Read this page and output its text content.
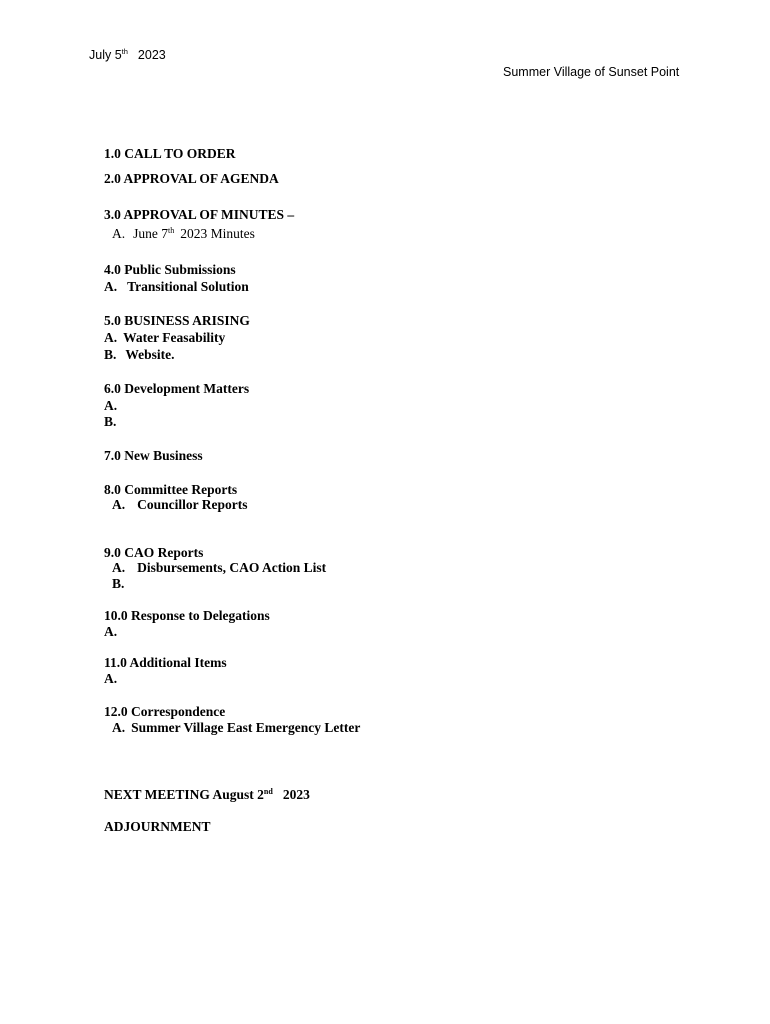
July 5th 2023
Summer Village of Sunset Point
1.0 CALL TO ORDER
2.0 APPROVAL OF AGENDA
3.0 APPROVAL OF MINUTES –
A. June 7th 2023 Minutes
4.0 Public Submissions
A. Transitional Solution
5.0 BUSINESS ARISING
A. Water Feasability
B. Website.
6.0 Development Matters
A.
B.
7.0 New Business
8.0 Committee Reports
A. Councillor Reports
9.0 CAO Reports
A. Disbursements, CAO Action List
B.
10.0 Response to Delegations
A.
11.0 Additional Items
A.
12.0 Correspondence
A. Summer Village East Emergency Letter
NEXT MEETING August 2nd 2023
ADJOURNMENT
